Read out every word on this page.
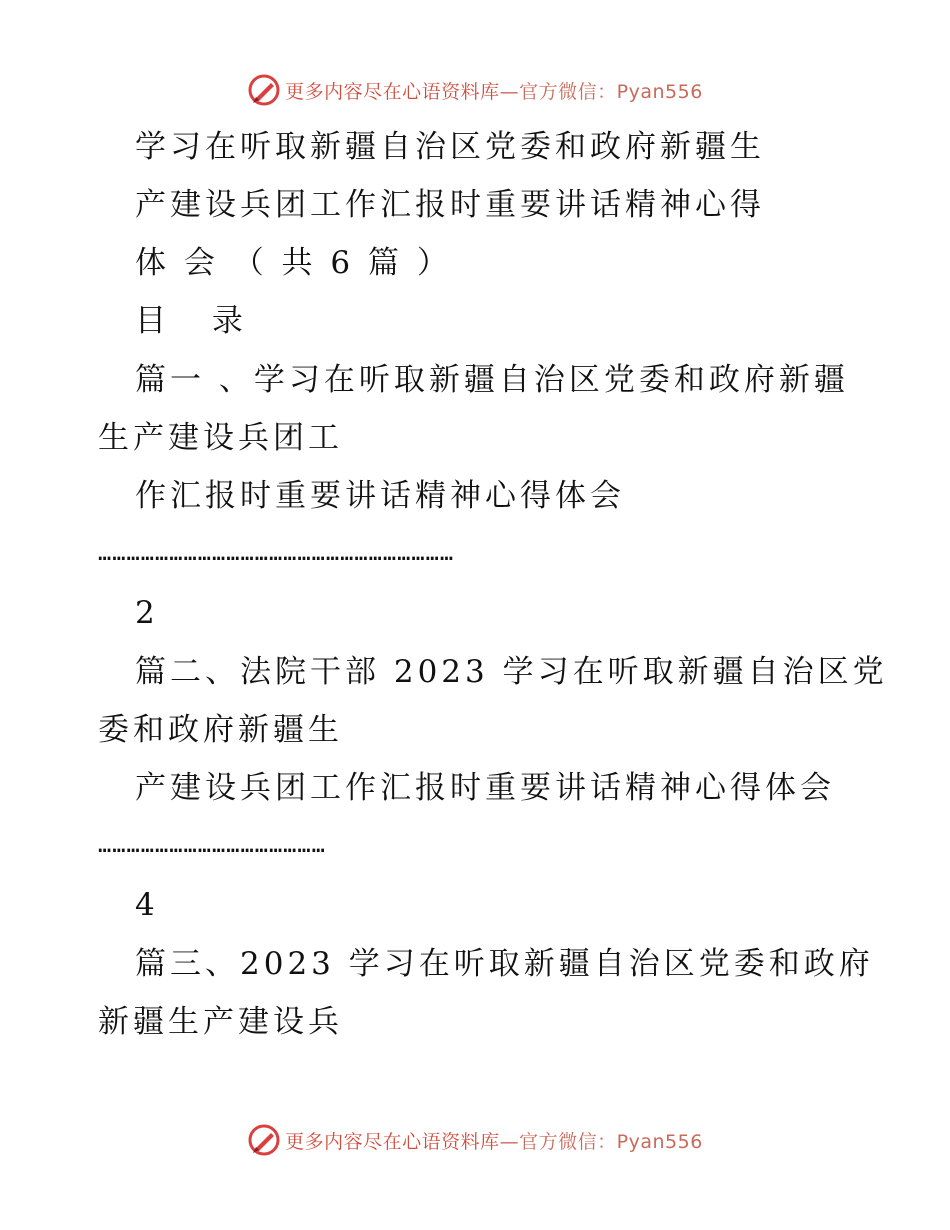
更多内容尽在心语资料库 —官方微信：Pyan556
学习在听取新疆自治区党委和政府新疆生
产建设兵团工作汇报时重要讲话精神心得
体 会 （ 共 6 篇 ）
目 录
篇一 、学习在听取新疆自治区党委和政府新疆
生产建设兵团工
作汇报时重要讲话精神心得体会
…………………………………………………………………
2
篇二、法院干部 2023 学习在听取新疆自治区党
委和政府新疆生
产建设兵团工作汇报时重要讲话精神心得体会
…………………………………………
4
篇三、2023 学习在听取新疆自治区党委和政府
新疆生产建设兵
更多内容尽在心语资料库 —官方微信：Pyan556
